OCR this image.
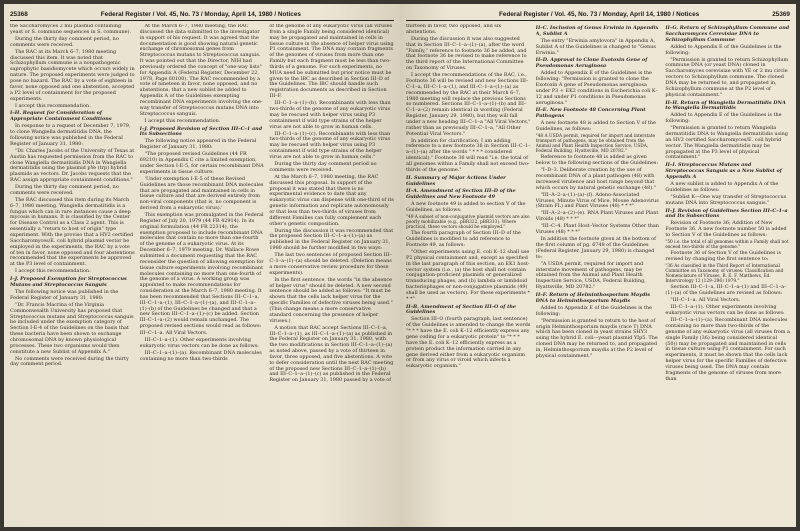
25368	Federal Register / Vol. 45, No. 73 / Monday, April 14, 1980 / Notices

the Saccharomyces 2 mu plasmid containing yeast or S. commune sequences in S. commune).

During the thirty day comment period, no comments were received.

The RAC at its March 6–7, 1980 meeting discussed this item. It was noted that Schizophyllum commune is a nonpathogenic saprophytic basidiomycete which occurs widely in nature. The proposed experiments were judged to pose no hazard. The RAC by a vote of eighteen in favor, none opposed and one abstention, accepted a P2 level of containment for the proposed experiments.

I accept this recommendation.

I–H. Request for Consideration of Appropriate Containment Conditions

In response to a request of December 7, 1979, to clone Wangiella dermatitidis DNA, the following notice was published in the Federal Register of January 31, 1980:

"Dr. Charles Jacobs of the University of Texas at Austin has requested permission from the RAC to clone Wangiella dermatitidis DNA in Wangiella dermatitidis using the plasmid pYe (trp) hybrid plasmids as vectors. Dr. Jacobs requests that the RAC assign appropriate containment conditions."

During the thirty day comment period, no comments were received.

The RAC discussed this item during its March 6–7, 1980 meeting. Wangiella dermatitidis is a fungus which can in rare instances cause a deep mycosis in humans. It is classified by the Center for Disease Control as a Class 2 agent. This is essentially a "return to host of origin" type experiment. With the proviso that a HV2 certified Saccharomyces/E. coli hybrid plasmid vector be employed in the experiments, the RAC by a vote of ten in favor, none opposed and four abstentions recommended that the experiments be approved at the P3 level of containment.

I accept this recommendation.

I–J. Proposed Exemption for Streptococcus Mutans and Streptococcus Sanguis

The following notice was published in the Federal Register of January 31, 1980:

"Dr. Francis Macrina of the Virginia Commonwealth University has proposed that Streptococcus mutans and Streptococcus sanguis be included under the exemption category of Section I-E-4 of the Guidelines on the basis that these bacteria have been shown to exchange chromosomal DNA by known physiological processes. These two organisms would then constitute a new Sublist of Appendix A."

No comments were received during the thirty day comment period.

At the March 6–7, 1980 meeting, the RAC discussed the data submitted to the investigator in support of his request. It was agreed that the documentation is good showing natural genetic exchange of chromosomal genes from Streptococcus mutans to Streptococcus sanguis. It was pointed out that the Director, NIH had previously ordered the concept of "one-way lists" for Appendix A (Federal Register, December 22, 1978, Page 60100). The RAC recommended by a vote of nineteen in favor, none opposed, and no abstentions, that a new sublist be added to Appendix A of the Guidelines exempting recombinant DNA experiments involving the one-way transfer of Streptococcus mutans DNA into Streptococcus sanguis.

I accept this recommendation.

I–J. Proposed Revision of Section III–C–1 and Its Subsections

The following notice appeared in the Federal Register of January 31, 1980:

"The proposed revised Guidelines (44 FR 69210) in Appendix C cite a limited exemption, under Section I-E-5, for certain recombinant DNA experiments in tissue culture:

'Under exemption I-E-5 of these Revised Guidelines are those recombinant DNA molecules that are propagated and maintained in cells in tissue culture and that are derived entirely from non-viral components (that is, no component is derived from a eukaryotic virus).'

This exemption was promulgated in the Federal Register of July 20, 1979 (44 FR 42914). In its original formulation (44 FR 22314), the exemption proposed to include recombinant DNA molecules that contain no more than one-fourth of the genome of a eukaryotic virus. At its December 6–7, 1979 meeting, Dr. Wallace Rowe submitted a document requesting that the RAC reconsider the question of allowing exemption for tissue culture experiments involving recombinant molecules containing no more than one-fourth of the genome of a virus. A working group was appointed to make recommendations for consideration at the March 6–7, 1980 meeting. It has been recommended that Sections III–C–1–a, III–C–1–a–(1), III–C–1–a–(1)–(a), and III–C–1–a–(1)–(b) of the Guidelines be changed and that a new Section III–C–1–a–(1)–(c) be added. Section III–C–1–a–(2) would remain unchanged. The proposed revised sections would read as follows:

III–C–1–a. All Viral Vectors.

III–C–1–a–(1). Other experiments involving eukaryotic virus vectors can be done as follows:

III–C–1–a–(1)–(a). Recombinant DNA molecules containing no more than two-thirds

of the genome of any eukaryotic virus (all viruses from a single Family being considered identical) may be propagated and maintained in cells in tissue culture in the absence of helper virus using P1 containment. The DNA may contain fragments of the genomes of viruses from more than one Family but each fragment must be less than two-thirds of a genome. For such experiments, no MUA need be submitted but prior notice must be given to the IBC as described in Section III–D of the Guidelines. The IBC should handle such registration documents as described in Section III–F.

III–C–1–a–(1)–(b). Recombinants with less than two-thirds of the genome of any eukaryotic virus may be rescued with helper virus using P3 containment if wild type strains of the helper virus are not able to grow in human cells.

III–C–1–a–(1)–(c). Recombinants with less than two-thirds of the genome of any eukaryotic virus may be rescued with helper virus using P3 containment if wild type strains of the helper virus are not able to grow in human cells."

During the thirty day comment period no comments were received.

At the March 6–7, 1980 meeting, the RAC discussed this proposal. In support of the proposal it was stated that there is no experimental evidence to date that any eukaryotic virus can dispense with one-third of its genetic information and replicate autonomously or that less than two-thirds of viruses from different Families can fully complement each other's genetic composition.

During the discussion it was recommended that the proposed Section III–C–1–a–(1)–(a) as published in the Federal Register on January 31, 1980 should be further modified in two ways:

The last two sentences of proposed Section III–C–1–a–(1)–(a) should be deleted. (Deletion means a more conservative review procedure for these experiments).

In the first sentence, the words "in the absence of helper virus" should be deleted. A new second sentence should be added as follows: "It must be shown that the cells lack helper virus for the specific Families of defective viruses being used." (This change means a more conservative standard concerning the presence of helper viruses.)

A motion that RAC accept Sections III–C–1–a, III–C–1–a–(1), as III–C–1–a–(1)–(a) as published in the Federal Register on January 31, 1980, with the two modifications in Section III–C–1–a–(1)–(a) as noted above, passed by a vote of thirteen in favor, three opposed, and five abstentions. A vote to defer consideration until the next RAC meeting of the proposed new Sections III–C–1–a–(1)–(b) and III–C–1–a–(1)–(c) as published in the Federal Register on January 31, 1980 passed by a vote of

Federal Register / Vol. 45, No. 73 / Monday, April 14, 1980 / Notices	25369

thirteen in favor, two opposed, and six abstentions.

During the discussion it was also suggested that in Section III–C–1–a–(1)–(a), after the word "Family," reference to footnote 36 be added, and that footnote 36 be revised to make reference to the third report of the International Committee on Taxonomy of Viruses.

I accept the recommendations of the RAC, i.e., Footnote 36 will be revised and new Sections III–C–1–a, III–C–1–a–(1), and III–C–1–a–(1)–(a) as recommended by the RAC at their March 6–7, 1980 meeting will replace the previous Sections so numbered. Sections III–C–1–a–(1)–(b) and III–C–1–a–(2) remain identical in wording (Federal Register, January 29, 1980), but they will fall under a new heading III–C–1–a "All Viral Vectors," rather than as previously III–C–1–a, "All Other Potential Viral Vectors."

In addition for clarification, I am adding reference to a new footnote 36 in Section III–C–1–a–(1)–(a) after the words " * * * considered identical)." Footnote 36 will read "i.e. the total of all genomes within a Family shall not exceed two-thirds of the genome."

II. Summary of Major Actions Under Guidelines

II–A. Amendment of Section III–D of the Guidelines and New Footnote 49

A new footnote 49 is added to section V of the Guidelines, as follows:

"49 A subset of non-conjugative plasmid vectors are also poorly mobilizable (e.g., pBR322, pBR313). Where practical, these vectors should be employed."

The fourth paragraph of Section III–D of the Guidelines is modified to add reference to Footnote 49, as follows:

"Other experiments using E. coli K–12 shall use P2 physical containment and, except as specified in the last paragraph of this section, an EK1 host-vector system (i.e., (a) the host shall not contain conjugation-proficient plasmids or generalized transducing phages, and (b) lambda or lambdoid bacteriophages or non-conjugative plasmids (49) shall be used as vectors). For these experiments * * *"

II–B. Amendment of Section III–O of the Guidelines

Section III–O (fourth paragraph, last sentence) of the Guidelines is amended to change the words "* * * have the E. coli K–12 efficiently express any gene coding for a eukaryotic protein" to "* * * have the E. coli K–12 efficiently express as a protein product the information carried in any gene derived either from a eukaryotic organism or from any virus or viroid which infects a eukaryotic organism."

II–C. Inclusion of Genus Erwinia in Appendix A, Sublist A

The entry "Erwinia amylovora" in Appendix A, Sublist A of the Guidelines is changed to "Genus Erwinia."

II–D. Approval to Clone Exotoxin Gene of Pseudomonas Aeruginosa

Added to Appendix E of the Guidelines is the following: "Permission is granted to clone the Exotoxin A gene of Pseudomonas aeruginosa under P3 + EK2 conditions in Escherichia coli K–12 and under P1 conditions in Pseudomonas aeruginosa."

II–E. New Footnote 48 Concerning Plant Pathogens

A new footnote 48 is added to Section V of the Guidelines, as follows:

"48 A USDA permit, required for import and interstate transport of pathogens, may be obtained from the Animal and Plant Health Inspection Service, USDA, Federal Building, Hyattsville, MD 20782."

Reference to footnote 48 is added as given below to the following sections of the Guidelines:

"I–D–3. Deliberate creation by the use of recombinant DNA of a plant pathogen (48) with increased virulence and host range beyond that which occurs by natural genetic exchange (48)."

"III–A–2–a–(1)–(a)–(f). Adeno-Associated Viruses, Minute Virus of Mice, Mouse Adenovirus (Strain FL) and Plant Viruses (48) * * *"

"III–A–2–a–(2)–(e). RNA Plant Viruses and Plant Viroids (48) * * *"

"III–C–4. Plant Host–Vector Systems Other than Viruses (48) * * *"

In addition the footnote given at the bottom of the first column of pg. 6748 of the Guidelines (Federal Register, January 29, 1980) is changed to:

"A USDA permit, required for import and interstate movement of pathogens, may be obtained from the Animal and Plant Health Inspection Service, USDA, Federal Building, Hyattsville, MD 20782."

II–F. Return of Helminthosporium Maydis DNA to Helminthosporium Maydis

Added to Appendix E of the Guidelines is the following:

"Permission is granted to return to the host of origin Helminthosporium maydis (race T) DNA which has been cloned in yeast strains SHY3 using the hybrid E. coli—yeast plasmid YIp5. The cloned DNA may be returned to, and propagated in, Helminthosporium maydis at the P2 level of physical containment."

II–G. Return of Schizophyllum Commune and Saccharomyces Cerevisiae DNA to Schizophyllum Commune

Added to Appendix E of the Guidelines is the following:

"Permission is granted to return Schizophyllum commune DNA (or yeast DNA) cloned in Saccharomyces cerevisiae with YE or 2 mu circle vectors to Schizophyllum commune. The cloned DNA may be returned to, and propagated in, Schizophyllum commune at the P2 level of physical containment."

II–H. Return of Wangiella Dermatitidis DNA to Wangiella Dermatitidis

Added to Appendix E of the Guidelines is the following:

"Permission is granted to return Wangiella dermatitidis DNA to Wangiella dermatitidis using an HV2 certified Saccharomyces/E. coli hybrid vector. The Wangiella dermatitidis may be propagated at the P3 level of physical containment."

II–I. Streptococcus Mutans and Streptococcus Sanguis as a New Sublist of Appendix A

A new sublist is added to Appendix A of the Guidelines as follows:

"Sublist K—One way transfer of Streptococcus mutans DNA into Streptococcus sanguis."

II–J. Revision of Guidelines Section III–C–1–a and Its Subsections

Revision of Footnote 36; Addition of New Footnote 36. A new footnote number 50 is added to Section V of the Guidelines as follows:

"50 i.e. the total of all genomes within a Family shall not exceed two-thirds of the genome."

Footnote 36 of Section V of the Guidelines is revised by changing the first sentence to:

"36 As classified in the Third Report of International Committee on Taxonomy of viruses: Classification and Nomenclature of Viruses, R. E. F. Matthews, Ed. Intervirology 12 (129–296) 1979."

Section III–C–1–a, III–C–1–a–(1) and III–C–1–a–(1)–(a) of the Guidelines are revised as follows:

"III–C–1–a. All Viral Vectors.

III–C–1–a–(1). Other experiments involving eukaryotic virus vectors can be done as follows:

III–C–1–a–(1)–(a). Recombinant DNA molecules containing no more than two-thirds of the genome of any eukaryotic virus (all viruses from a single Family (36) being considered identical (50)) may be propagated and maintained in cells in tissue culture using P1 containment. For such experiments, it must be shown that the cells lack helper virus for the specific Families of defective viruses being used. The DNA may contain fragments of the genome of viruses from more than
